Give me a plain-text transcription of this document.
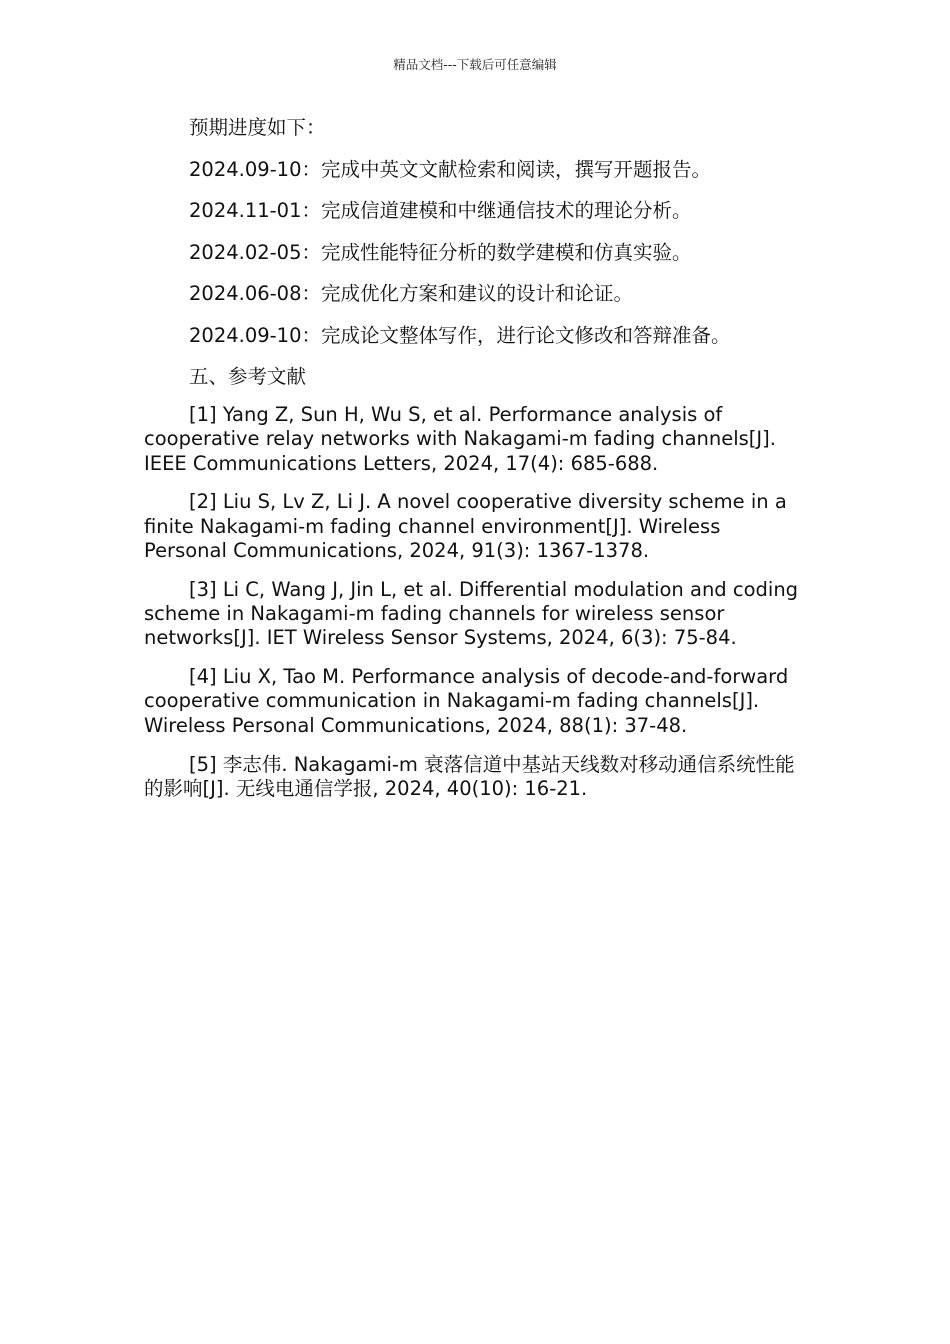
精品文档---下载后可任意编辑
预期进度如下：
2024.09-10：完成中英文文献检索和阅读，撰写开题报告。
2024.11-01：完成信道建模和中继通信技术的理论分析。
2024.02-05：完成性能特征分析的数学建模和仿真实验。
2024.06-08：完成优化方案和建议的设计和论证。
2024.09-10：完成论文整体写作，进行论文修改和答辩准备。
五、参考文献
[1] Yang Z, Sun H, Wu S, et al. Performance analysis of cooperative relay networks with Nakagami-m fading channels[J]. IEEE Communications Letters, 2024, 17(4): 685-688.
[2] Liu S, Lv Z, Li J. A novel cooperative diversity scheme in a finite Nakagami-m fading channel environment[J]. Wireless Personal Communications, 2024, 91(3): 1367-1378.
[3] Li C, Wang J, Jin L, et al. Differential modulation and coding scheme in Nakagami-m fading channels for wireless sensor networks[J]. IET Wireless Sensor Systems, 2024, 6(3): 75-84.
[4] Liu X, Tao M. Performance analysis of decode-and-forward cooperative communication in Nakagami-m fading channels[J]. Wireless Personal Communications, 2024, 88(1): 37-48.
[5] 李志伟. Nakagami-m 衰落信道中基站天线数对移动通信系统性能的影响[J]. 无线电通信学报, 2024, 40(10): 16-21.
